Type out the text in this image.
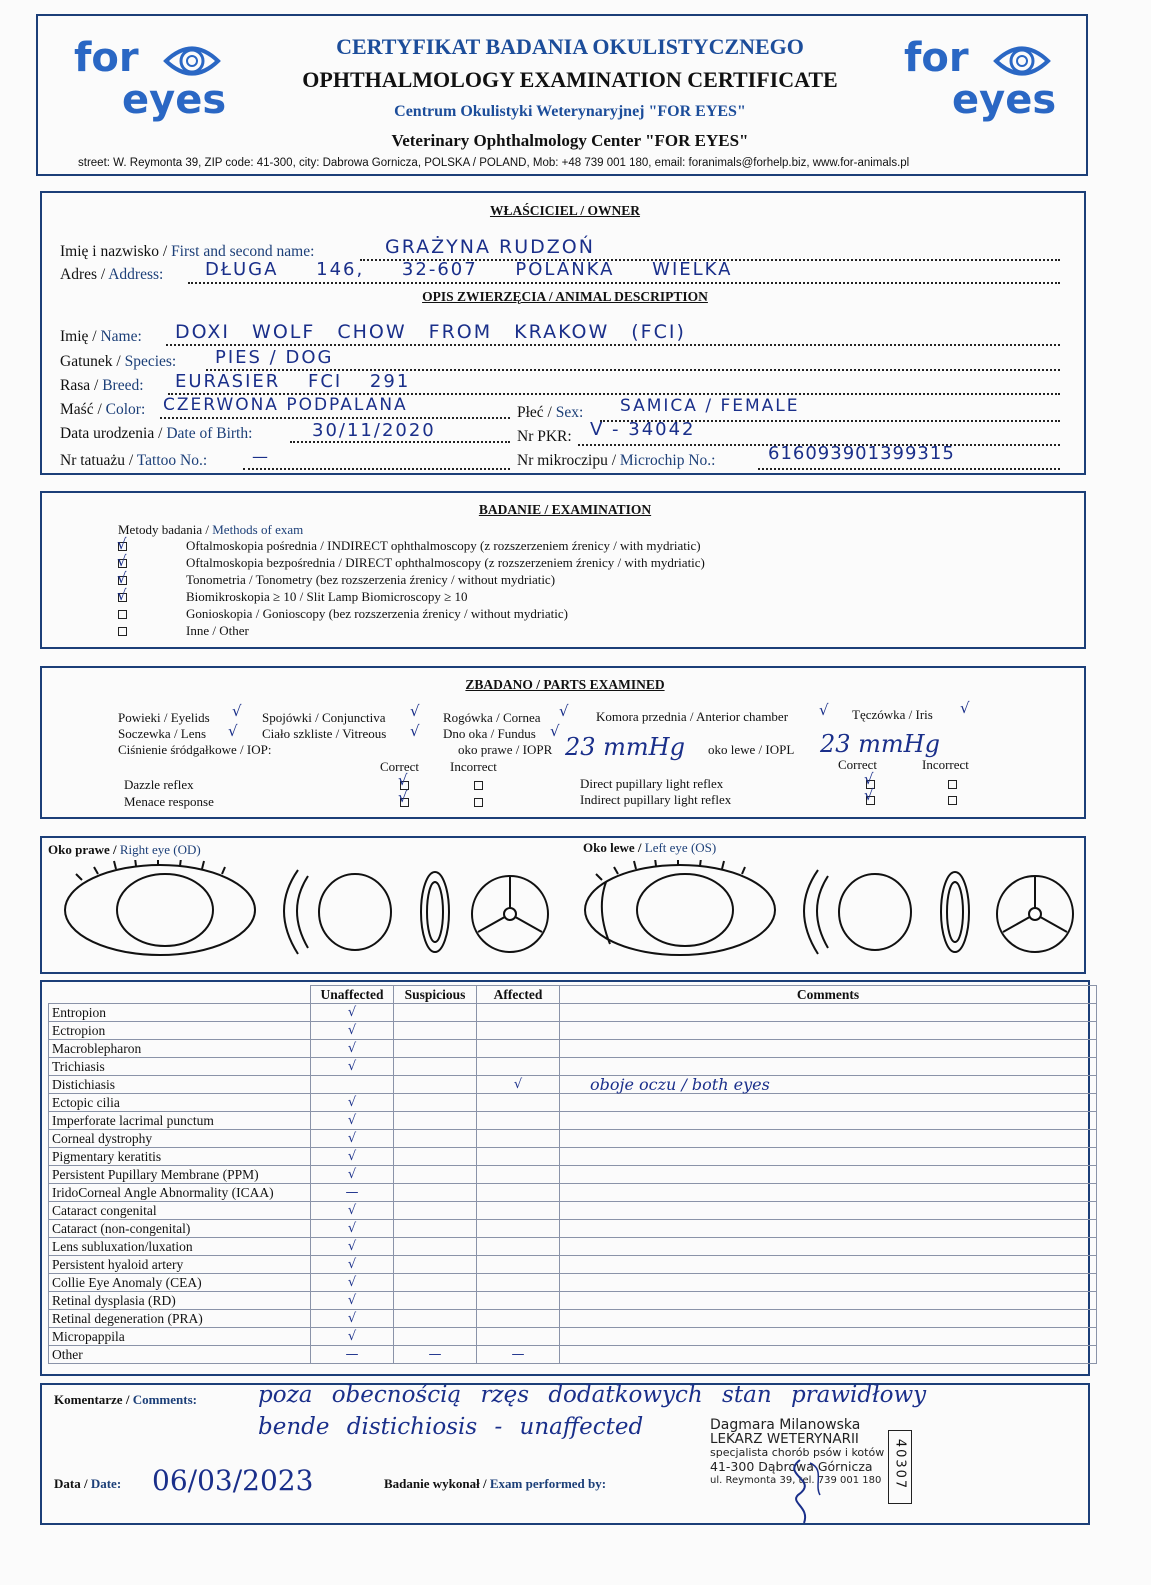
for
eyes
for
eyes
CERTYFIKAT BADANIA OKULISTYCZNEGO
OPHTHALMOLOGY EXAMINATION CERTIFICATE
Centrum Okulistyki Weterynaryjnej "FOR EYES"
Veterinary Ophthalmology Center "FOR EYES"
street: W. Reymonta 39, ZIP code: 41-300, city: Dabrowa Gornicza, POLSKA / POLAND, Mob: +48 739 001 180, email: foranimals@forhelp.biz, www.for-animals.pl
WŁAŚCICIEL / OWNER
Imię i nazwisko / First and second name:	GRAŻYNA RUDZOŃ
Adres / Address: DŁUGA 146, 32-607 POLANKA WIELKA
OPIS ZWIERZĘCIA / ANIMAL DESCRIPTION
Imię / Name: DOXI WOLF CHOW FROM KRAKOW (FCI)
Gatunek / Species: PIES / DOG
Rasa / Breed: EURASIER FCI 291
Maść / Color: CZERWONA PODPALANA	Płeć / Sex: SAMICA / FEMALE
Data urodzenia / Date of Birth:	30/11/2020	Nr PKR: V - 34042
Nr tatuażu / Tattoo No.:	—	Nr mikroczipu / Microchip No.:	616093901399315
BADANIE / EXAMINATION
Metody badania / Methods of exam
√	Oftalmoskopia pośrednia / INDIRECT ophthalmoscopy (z rozszerzeniem źrenicy / with mydriatic)
√	Oftalmoskopia bezpośrednia / DIRECT ophthalmoscopy (z rozszerzeniem źrenicy / with mydriatic)
√	Tonometria / Tonometry (bez rozszerzenia źrenicy / without mydriatic)
√	Biomikroskopia ≥ 10 / Slit Lamp Biomicroscopy ≥ 10
Gonioskopia / Gonioscopy (bez rozszerzenia źrenicy / without mydriatic)
Inne / Other
ZBADANO / PARTS EXAMINED
Powieki / Eyelids √ Spojówki / Conjunctiva √ Rogówka / Cornea √ Komora przednia / Anterior chamber √ Tęczówka / Iris √
Soczewka / Lens √ Ciało szkliste / Vitreous √ Dno oka / Fundus √
Ciśnienie śródgałkowe / IOP:	oko prawe / IOPR 23 mmHg oko lewe / IOPL 23 mmHg
Correct Incorrect	Correct	Incorrect
Dazzle reflex	√
Menace response	√
Direct pupillary light reflex	√
Indirect pupillary light reflex	√
Oko prawe / Right eye (OD)	Oko lewe / Left eye (OS)
	Unaffected	Suspicious	Affected	Comments
Entropion	√			
Ectropion	√			
Macroblepharon	√			
Trichiasis	√			
Distichiasis			√	oboje oczu / both eyes
Ectopic cilia	√			
Imperforate lacrimal punctum	√			
Corneal dystrophy	√			
Pigmentary keratitis	√			
Persistent Pupillary Membrane (PPM)	√			
IridoCorneal Angle Abnormality (ICAA)	—			
Cataract congenital	√			
Cataract (non-congenital)	√			
Lens subluxation/luxation	√			
Persistent hyaloid artery	√			
Collie Eye Anomaly (CEA)	√			
Retinal dysplasia (RD)	√			
Retinal degeneration (PRA)	√			
Micropappila	√			
Other	—	—	—	
Komentarze / Comments:	poza obecnością rzęs dodatkowych stan prawidłowy
bende distichiosis - unaffected
Data / Date: 06/03/2023	Badanie wykonał / Exam performed by:
Dagmara Milanowska
LEKARZ WETERYNARII
specjalista chorób psów i kotów
41-300 Dąbrowa Górnicza
ul. Reymonta 39, tel. 739 001 180 40307
